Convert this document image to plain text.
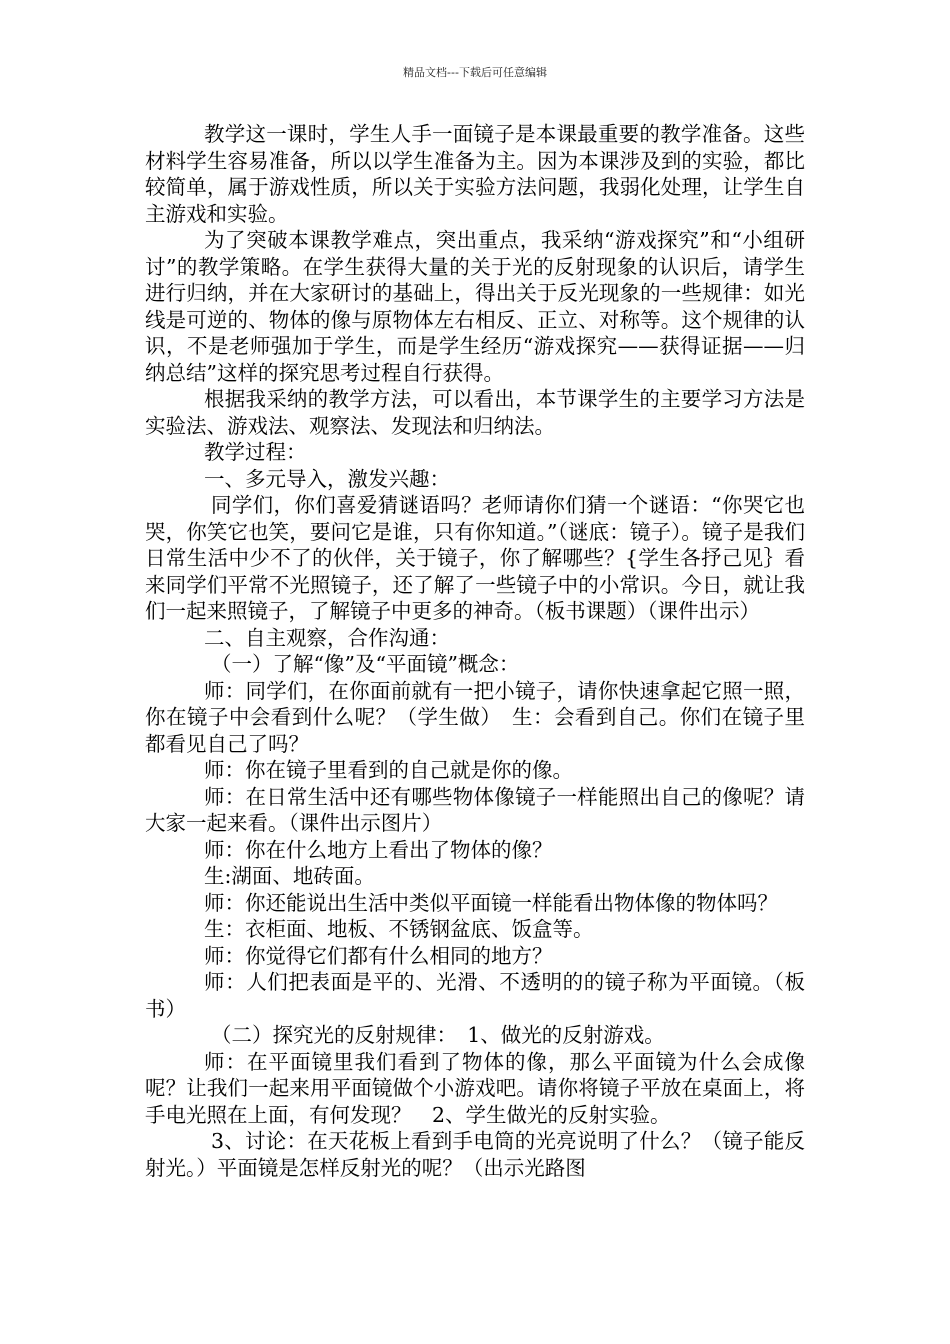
精品文档---下载后可任意编辑

教学这一课时，学生人手一面镜子是本课最重要的教学准备。这些材料学生容易准备，所以以学生准备为主。因为本课涉及到的实验，都比较简单，属于游戏性质，所以关于实验方法问题，我弱化处理，让学生自主游戏和实验。

为了突破本课教学难点，突出重点，我采纳“游戏探究”和“小组研讨”的教学策略。在学生获得大量的关于光的反射现象的认识后，请学生进行归纳，并在大家研讨的基础上，得出关于反光现象的一些规律：如光线是可逆的、物体的像与原物体左右相反、正立、对称等。这个规律的认识，不是老师强加于学生，而是学生经历“游戏探究——获得证据——归纳总结”这样的探究思考过程自行获得。

根据我采纳的教学方法，可以看出，本节课学生的主要学习方法是实验法、游戏法、观察法、发现法和归纳法。

教学过程：

一、多元导入，激发兴趣：

同学们，你们喜爱猜谜语吗？老师请你们猜一个谜语：“你哭它也哭，你笑它也笑，要问它是谁，只有你知道。”（谜底：镜子）。镜子是我们日常生活中少不了的伙伴，关于镜子，你了解哪些？{学生各抒己见｝看来同学们平常不光照镜子，还了解了一些镜子中的小常识。今日，就让我们一起来照镜子，了解镜子中更多的神奇。（板书课题）（课件出示）

二、自主观察，合作沟通：

（一）了解“像”及“平面镜”概念：

师：同学们，在你面前就有一把小镜子，请你快速拿起它照一照，你在镜子中会看到什么呢？（学生做）　生：会看到自己。你们在镜子里都看见自己了吗？

师：你在镜子里看到的自己就是你的像。

师：在日常生活中还有哪些物体像镜子一样能照出自己的像呢？请大家一起来看。（课件出示图片）

师：你在什么地方上看出了物体的像？

生:湖面、地砖面。

师：你还能说出生活中类似平面镜一样能看出物体像的物体吗？

生：衣柜面、地板、不锈钢盆底、饭盒等。

师：你觉得它们都有什么相同的地方？

师：人们把表面是平的、光滑、不透明的的镜子称为平面镜。（板书）

（二）探究光的反射规律：　1、做光的反射游戏。

师：在平面镜里我们看到了物体的像，那么平面镜为什么会成像呢？让我们一起来用平面镜做个小游戏吧。请你将镜子平放在桌面上，将手电光照在上面，有何发现？　2、学生做光的反射实验。

3、讨论：在天花板上看到手电筒的光亮说明了什么？（镜子能反射光。）平面镜是怎样反射光的呢？（出示光路图
